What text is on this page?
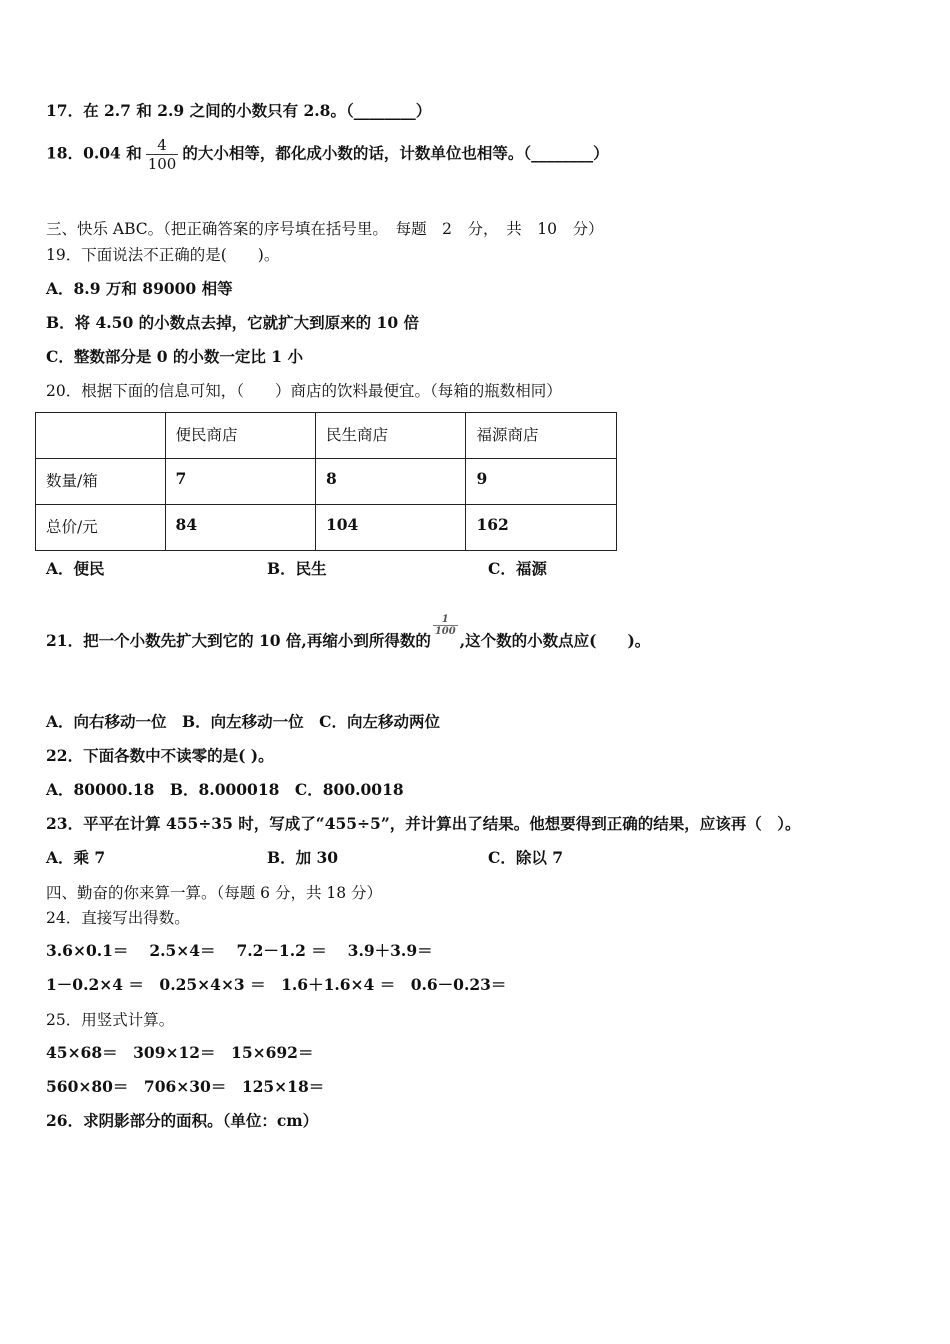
17．在 2.7 和 2.9 之间的小数只有 2.8。（________）
18．0.04 和 $\frac{4}{100}$ 的大小相等，都化成小数的话，计数单位也相等。（________）
三、快乐 ABC。（把正确答案的序号填在括号里。　每题　2　分，　共　10　分）
19．下面说法不正确的是(　　)。
A．8.9 万和 89000 相等
B．将 4.50 的小数点去掉，它就扩大到原来的 10 倍
C．整数部分是 0 的小数一定比 1 小
20．根据下面的信息可知，（　　）商店的饮料最便宜。（每箱的瓶数相同）
	便民商店	民生商店	福源商店
数量/箱	7	8	9
总价/元	84	104	162
A．便民	B．民生	C．福源
21．把一个小数先扩大到它的 10 倍,再缩小到所得数的
$\frac{1}{100}$
,这个数的小数点应(　　)。
A．向右移动一位　B．向左移动一位　C．向左移动两位
22．下面各数中不读零的是( )。
A．80000.18　B．8.000018　C．800.0018
23．平平在计算 455÷35 时，写成了“455÷5”，并计算出了结果。他想要得到正确的结果，应该再（　）。
A．乘 7	B．加 30	C．除以 7
四、勤奋的你来算一算。（每题 6 分，共 18 分）
24．直接写出得数。
3.6×0.1＝　 2.5×4＝　 7.2－1.2 ＝　 3.9＋3.9＝
1－0.2×4 ＝　0.25×4×3 ＝　1.6＋1.6×4 ＝　0.6－0.23＝
25．用竖式计算。
45×68＝　309×12＝　15×692＝
560×80＝　706×30＝　125×18＝
26．求阴影部分的面积。（单位：cm）
